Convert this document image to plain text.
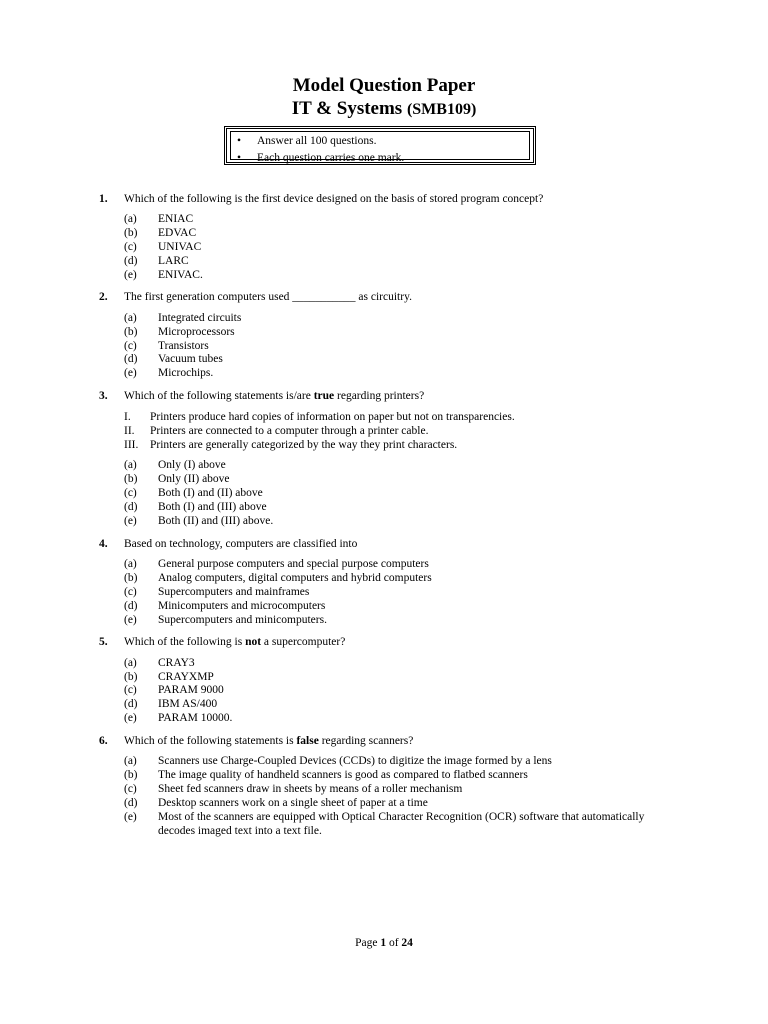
Model Question Paper
IT & Systems (SMB109)
• Answer all 100 questions.
• Each question carries one mark.
1. Which of the following is the first device designed on the basis of stored program concept?
(a) ENIAC
(b) EDVAC
(c) UNIVAC
(d) LARC
(e) ENIVAC.
2. The first generation computers used ___________ as circuitry.
(a) Integrated circuits
(b) Microprocessors
(c) Transistors
(d) Vacuum tubes
(e) Microchips.
3. Which of the following statements is/are true regarding printers?
I. Printers produce hard copies of information on paper but not on transparencies.
II. Printers are connected to a computer through a printer cable.
III. Printers are generally categorized by the way they print characters.
(a) Only (I) above
(b) Only (II) above
(c) Both (I) and (II) above
(d) Both (I) and (III) above
(e) Both (II) and (III) above.
4. Based on technology, computers are classified into
(a) General purpose computers and special purpose computers
(b) Analog computers, digital computers and hybrid computers
(c) Supercomputers and mainframes
(d) Minicomputers and microcomputers
(e) Supercomputers and minicomputers.
5. Which of the following is not a supercomputer?
(a) CRAY3
(b) CRAYXMP
(c) PARAM 9000
(d) IBM AS/400
(e) PARAM 10000.
6. Which of the following statements is false regarding scanners?
(a) Scanners use Charge-Coupled Devices (CCDs) to digitize the image formed by a lens
(b) The image quality of handheld scanners is good as compared to flatbed scanners
(c) Sheet fed scanners draw in sheets by means of a roller mechanism
(d) Desktop scanners work on a single sheet of paper at a time
(e) Most of the scanners are equipped with Optical Character Recognition (OCR) software that automatically decodes imaged text into a text file.
Page 1 of 24
